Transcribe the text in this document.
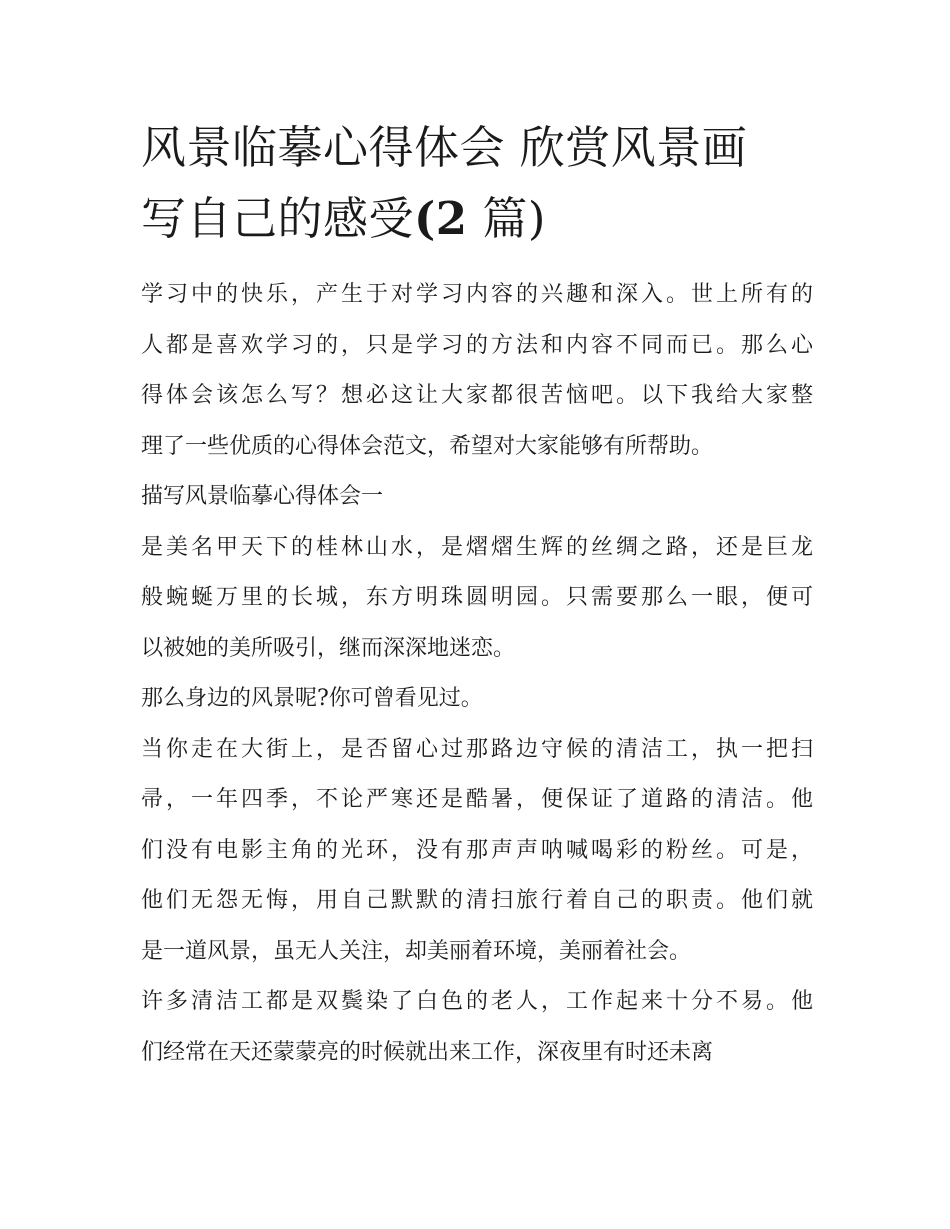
风景临摹心得体会 欣赏风景画
写自己的感受(2 篇)

学习中的快乐，产生于对学习内容的兴趣和深入。世上所有的
人都是喜欢学习的，只是学习的方法和内容不同而已。那么心
得体会该怎么写？想必这让大家都很苦恼吧。以下我给大家整
理了一些优质的心得体会范文，希望对大家能够有所帮助。

描写风景临摹心得体会一

是美名甲天下的桂林山水，是熠熠生辉的丝绸之路，还是巨龙
般蜿蜒万里的长城，东方明珠圆明园。只需要那么一眼，便可
以被她的美所吸引，继而深深地迷恋。

那么身边的风景呢?你可曾看见过。

当你走在大街上，是否留心过那路边守候的清洁工，执一把扫
帚，一年四季，不论严寒还是酷暑，便保证了道路的清洁。他
们没有电影主角的光环，没有那声声呐喊喝彩的粉丝。可是，
他们无怨无悔，用自己默默的清扫旅行着自己的职责。他们就
是一道风景，虽无人关注，却美丽着环境，美丽着社会。

许多清洁工都是双鬓染了白色的老人，工作起来十分不易。他
们经常在天还蒙蒙亮的时候就出来工作，深夜里有时还未离
